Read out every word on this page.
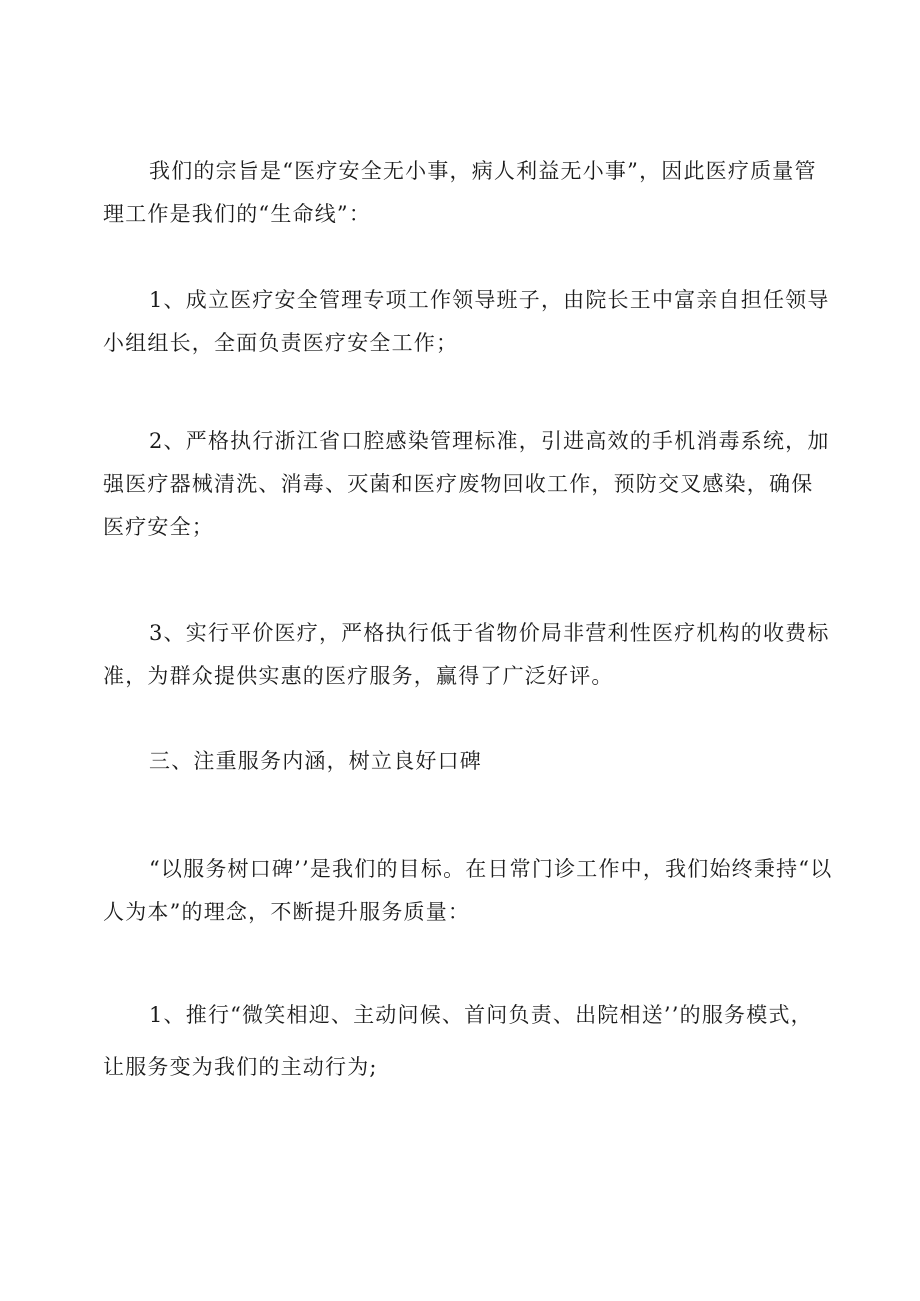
我们的宗旨是“医疗安全无小事，病人利益无小事”，因此医疗质量管理工作是我们的“生命线”：

1、成立医疗安全管理专项工作领导班子，由院长王中富亲自担任领导小组组长，全面负责医疗安全工作；

2、严格执行浙江省口腔感染管理标准，引进高效的手机消毒系统，加强医疗器械清洗、消毒、灭菌和医疗废物回收工作，预防交叉感染，确保医疗安全；

3、实行平价医疗，严格执行低于省物价局非营利性医疗机构的收费标准，为群众提供实惠的医疗服务，赢得了广泛好评。

三、注重服务内涵，树立良好口碑

“以服务树口碑’’是我们的目标。在日常门诊工作中，我们始终秉持“以人为本”的理念，不断提升服务质量：

1、推行“微笑相迎、主动问候、首问负责、出院相送’’的服务模式，让服务变为我们的主动行为;
